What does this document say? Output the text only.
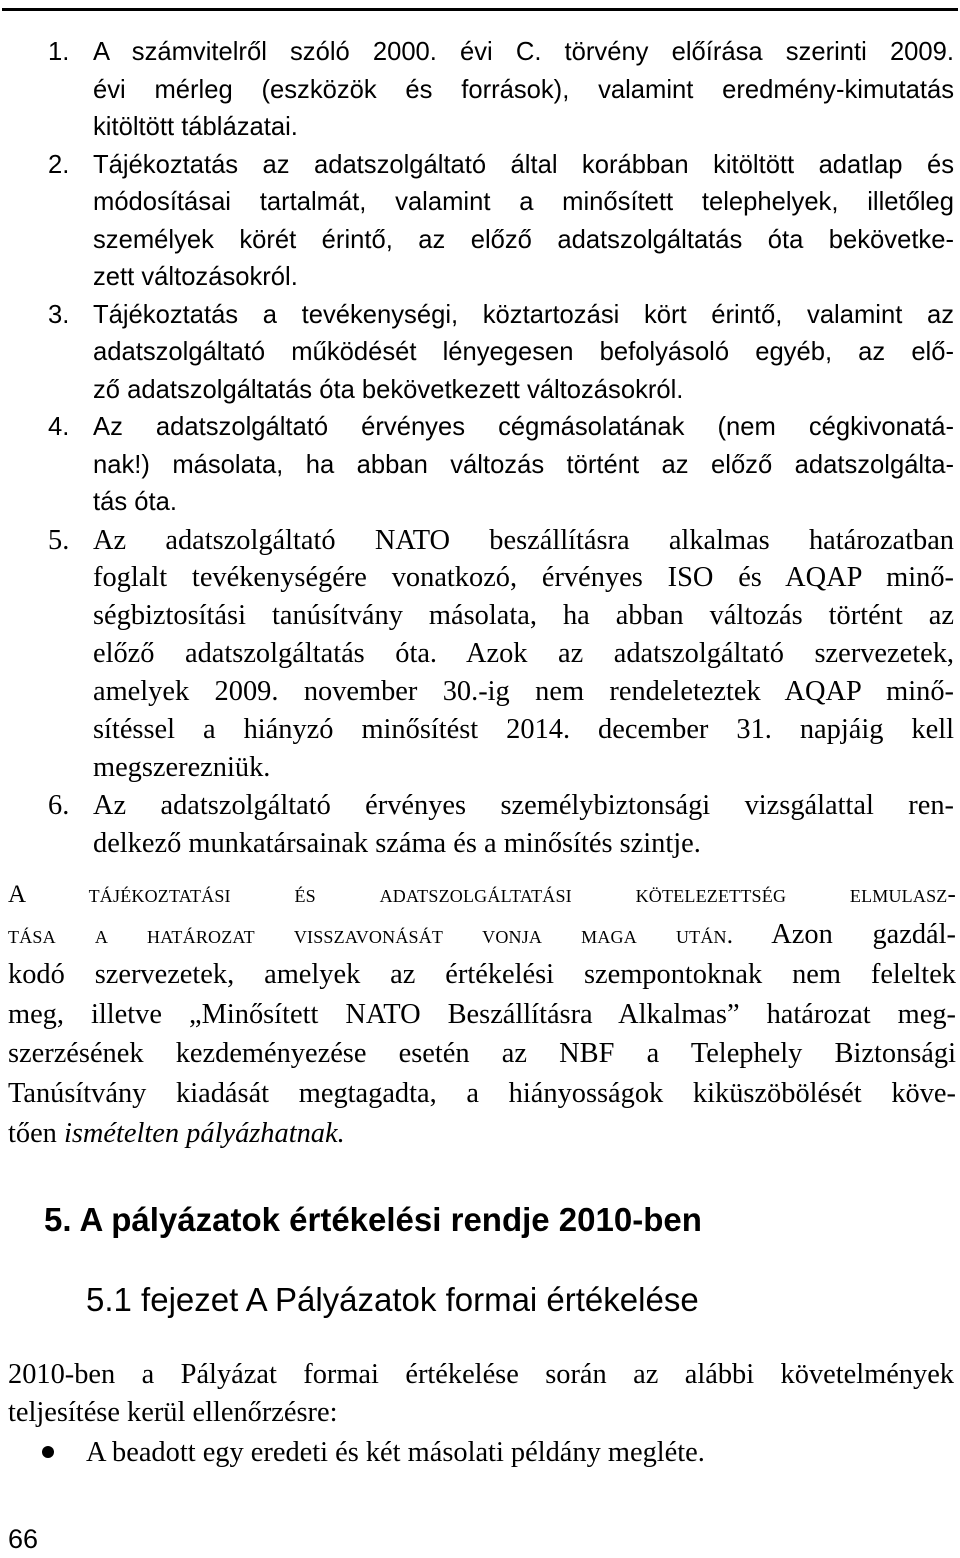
1. A számvitelről szóló 2000. évi C. törvény előírása szerinti 2009.
évi mérleg (eszközök és források), valamint eredmény-kimutatás
kitöltött táblázatai.
2. Tájékoztatás az adatszolgáltató által korábban kitöltött adatlap és
módosításai tartalmát, valamint a minősített telephelyek, illetőleg
személyek körét érintő, az előző adatszolgáltatás óta bekövetke-
zett változásokról.
3. Tájékoztatás a tevékenységi, köztartozási kört érintő, valamint az
adatszolgáltató működését lényegesen befolyásoló egyéb, az elő-
ző adatszolgáltatás óta bekövetkezett változásokról.
4. Az adatszolgáltató érvényes cégmásolatának (nem cégkivonatá-
nak!) másolata, ha abban változás történt az előző adatszolgálta-
tás óta.
5. Az adatszolgáltató NATO beszállításra alkalmas határozatban
foglalt tevékenységére vonatkozó, érvényes ISO és AQAP minő-
ségbiztosítási tanúsítvány másolata, ha abban változás történt az
előző adatszolgáltatás óta. Azok az adatszolgáltató szervezetek,
amelyek 2009. november 30.-ig nem rendeleteztek AQAP minő-
sítéssel a hiányzó minősítést 2014. december 31. napjáig kell
megszerezniük.
6. Az adatszolgáltató érvényes személybiztonsági vizsgálattal ren-
delkező munkatársainak száma és a minősítés szintje.

A tájékoztatási és adatszolgáltatási kötelezettség elmulasz-
tása a határozat visszavonását vonja maga után. Azon gazdál-
kodó szervezetek, amelyek az értékelési szempontoknak nem feleltek
meg, illetve „Minősített NATO Beszállításra Alkalmas” határozat meg-
szerzésének kezdeményezése esetén az NBF a Telephely Biztonsági
Tanúsítvány kiadását megtagadta, a hiányosságok kiküszöbölését köve-
tően ismételten pályázhatnak.

5. A pályázatok értékelési rendje 2010-ben
5.1 fejezet A Pályázatok formai értékelése

2010-ben a Pályázat formai értékelése során az alábbi követelmények
teljesítése kerül ellenőrzésre:

A beadott egy eredeti és két másolati példány megléte.

66
